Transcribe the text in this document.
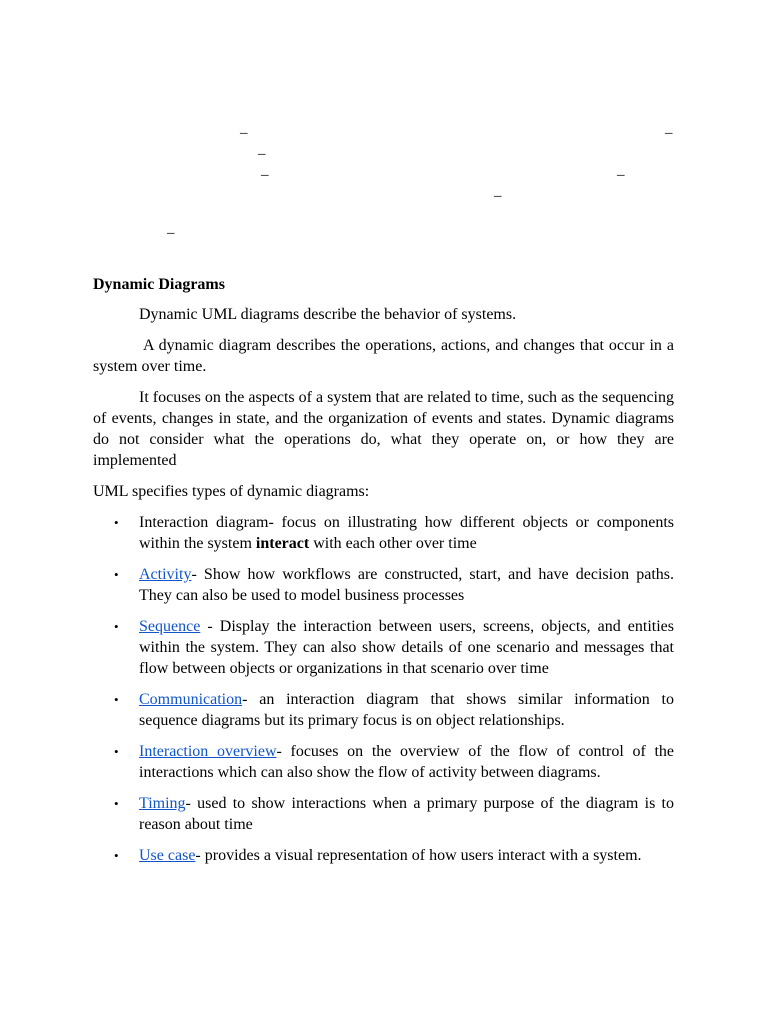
–	–
–
–	–
–
–
Dynamic Diagrams

Dynamic UML diagrams describe the behavior of systems.

A dynamic diagram describes the operations, actions, and changes that occur in a system over time.

It focuses on the aspects of a system that are related to time, such as the sequencing of events, changes in state, and the organization of events and states. Dynamic diagrams do not consider what the operations do, what they operate on, or how they are implemented

UML specifies types of dynamic diagrams:

• Interaction diagram- focus on illustrating how different objects or components within the system interact with each other over time
• Activity- Show how workflows are constructed, start, and have decision paths. They can also be used to model business processes
• Sequence - Display the interaction between users, screens, objects, and entities within the system. They can also show details of one scenario and messages that flow between objects or organizations in that scenario over time
• Communication- an interaction diagram that shows similar information to sequence diagrams but its primary focus is on object relationships.
• Interaction overview- focuses on the overview of the flow of control of the interactions which can also show the flow of activity between diagrams.
• Timing- used to show interactions when a primary purpose of the diagram is to reason about time
• Use case- provides a visual representation of how users interact with a system.
